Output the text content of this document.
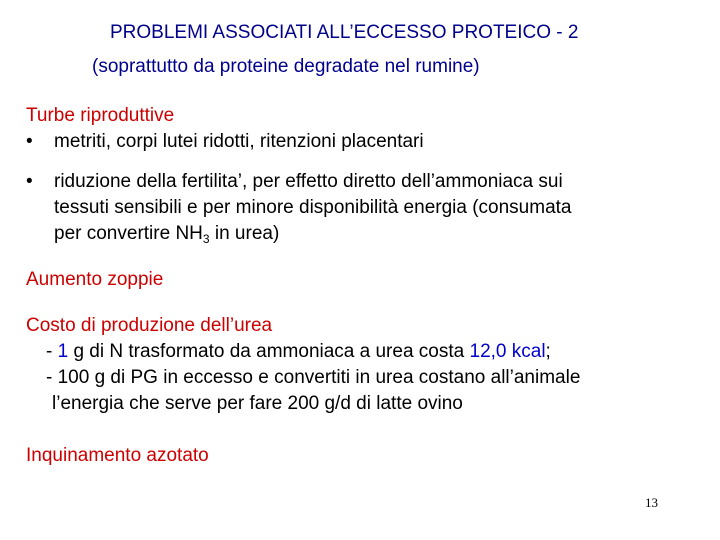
PROBLEMI ASSOCIATI ALL’ECCESSO PROTEICO - 2
(soprattutto da proteine degradate nel rumine)
Turbe riproduttive
•	metriti, corpi lutei ridotti, ritenzioni placentari
•	riduzione della fertilita’, per effetto diretto dell’ammoniaca sui
tessuti sensibili e per minore disponibilità energia (consumata
per convertire $NH_3$ in urea)
Aumento zoppie
Costo di produzione dell’urea
- 1 g di N trasformato da ammoniaca a urea costa 12,0 kcal;
- 100 g di PG in eccesso e convertiti in urea costano all’animale
l’energia che serve per fare 200 g/d di latte ovino
Inquinamento azotato
13
